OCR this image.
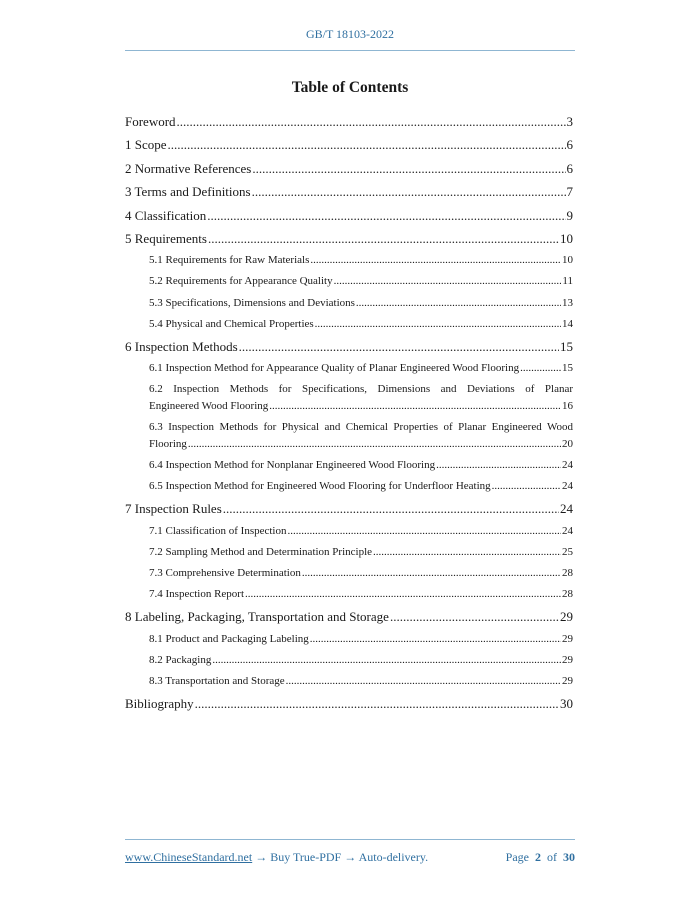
GB/T 18103-2022
Table of Contents
Foreword .....	3
1 Scope .....	6
2 Normative References .....	6
3 Terms and Definitions .....	7
4 Classification .....	9
5 Requirements .....	10
5.1 Requirements for Raw Materials .....	10
5.2 Requirements for Appearance Quality .....	11
5.3 Specifications, Dimensions and Deviations .....	13
5.4 Physical and Chemical Properties .....	14
6 Inspection Methods .....	15
6.1 Inspection Method for Appearance Quality of Planar Engineered Wood Flooring .....	15
6.2 Inspection Methods for Specifications, Dimensions and Deviations of Planar
Engineered Wood Flooring .....	16
6.3 Inspection Methods for Physical and Chemical Properties of Planar Engineered Wood
Flooring .....	20
6.4 Inspection Method for Nonplanar Engineered Wood Flooring .....	24
6.5 Inspection Method for Engineered Wood Flooring for Underfloor Heating .....	24
7 Inspection Rules .....	24
7.1 Classification of Inspection .....	24
7.2 Sampling Method and Determination Principle .....	25
7.3 Comprehensive Determination .....	28
7.4 Inspection Report .....	28
8 Labeling, Packaging, Transportation and Storage .....	29
8.1 Product and Packaging Labeling .....	29
8.2 Packaging .....	29
8.3 Transportation and Storage .....	29
Bibliography .....	30
www.ChineseStandard.net → Buy True-PDF → Auto-delivery.	Page 2 of 30
